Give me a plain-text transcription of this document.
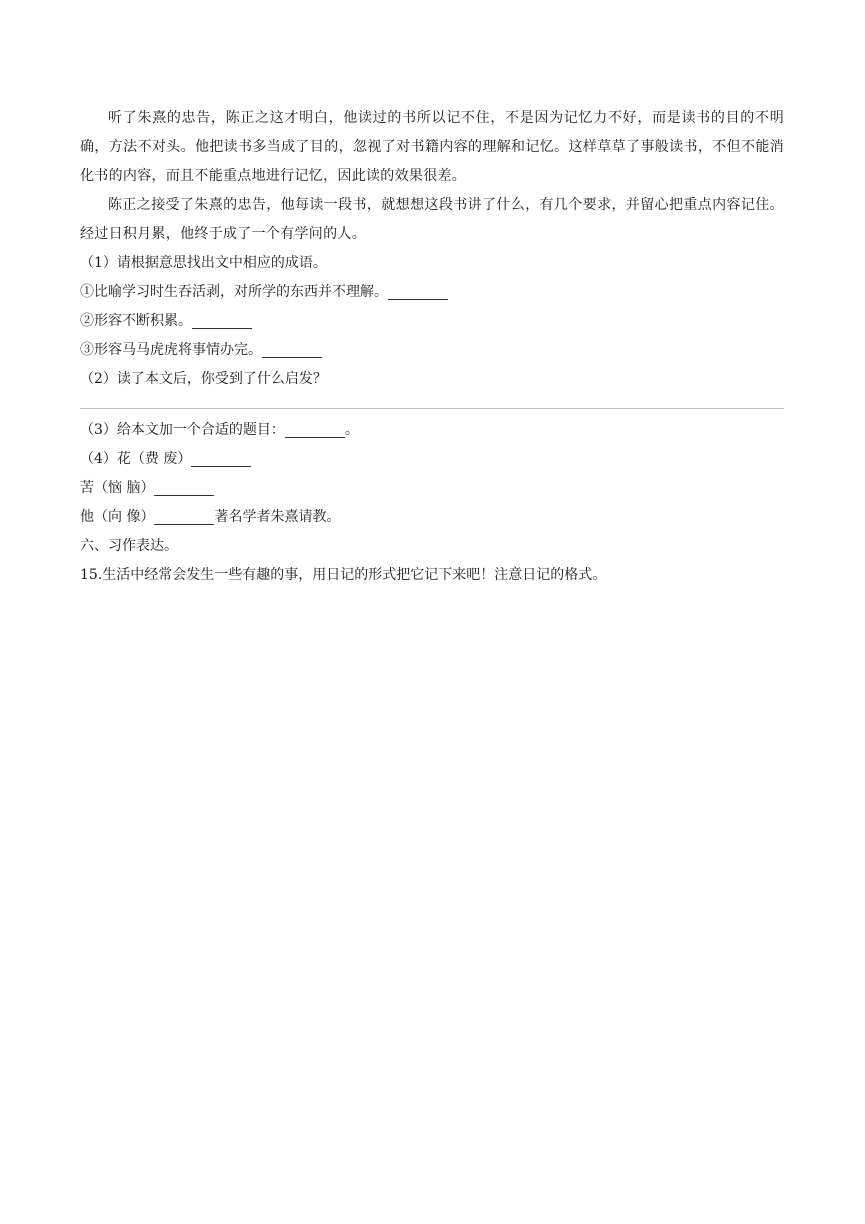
听了朱熹的忠告，陈正之这才明白，他读过的书所以记不住，不是因为记忆力不好，而是读书的目的不明确，方法不对头。他把读书多当成了目的，忽视了对书籍内容的理解和记忆。这样草草了事般读书，不但不能消化书的内容，而且不能重点地进行记忆，因此读的效果很差。

陈正之接受了朱熹的忠告，他每读一段书，就想想这段书讲了什么，有几个要求，并留心把重点内容记住。经过日积月累，他终于成了一个有学问的人。

（1）请根据意思找出文中相应的成语。
①比喻学习时生吞活剥，对所学的东西并不理解。
②形容不断积累。
③形容马马虎虎将事情办完。
（2）读了本文后，你受到了什么启发？
（3）给本文加一个合适的题目：	。
（4）花（费 废）
苦（恼 脑）
他（向 像）	著名学者朱熹请教。
六、习作表达。
15.生活中经常会发生一些有趣的事，用日记的形式把它记下来吧！注意日记的格式。
